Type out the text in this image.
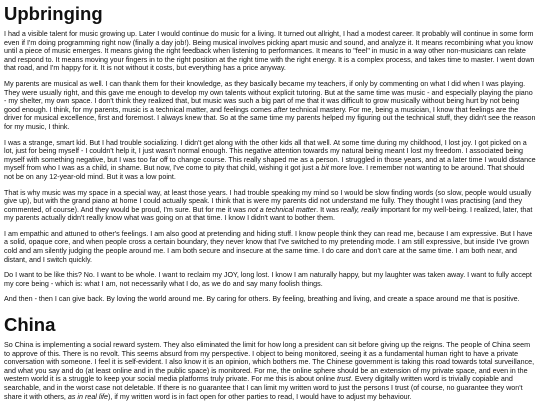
Upbringing

I had a visible talent for music growing up. Later I would continue do music for a living. It turned out allright, I had a modest career. It probably will continue in some form even if I'm doing programming right now (finally a day job!). Being musical involves picking apart music and sound, and analyze it. It means recombining what you know until a piece of music emerges. It means giving the right feedback when listening to performances. It means to "feel" in music in a way other non-musicians can relate and respond to. It means moving your fingers in to the right position at the right time with the right energy. It is a complex process, and takes time to master. I went down that road, and I'm happy for it. It is not without it costs, but everything has a price anyway.

My parents are musical as well. I can thank them for their knowledge, as they basically became my teachers, if only by commenting on what I did when I was playing. They were usually right, and this gave me enough to develop my own talents without explicit tutoring. But at the same time was music - and especially playing the piano - my shelter, my own space. I don't think they realized that, but music was such a big part of me that it was difficult to grow musically without being hurt by not being good enough. I think, for my parents, music is a technical matter, and feelings comes after technical mastery. For me, being a musician, I know that feelings are the driver for musical excellence, first and foremost. I always knew that. So at the same time my parents helped my figuring out the technical stuff, they didn't see the reason for my music, I think.

I was a strange, smart kid. But I had trouble socializing. I didn't get along with the other kids all that well. At some time during my childhood, I lost joy. I got picked on a lot, just for being myself - I couldn't help it, I just wasn't normal enough. This negative attention towards my natural being meant I lost my freedom. I associated being myself with something negative, but I was too far off to change course. This really shaped me as a person. I struggled in those years, and at a later time I would distance myself from who I was as a child, in shame. But now, I've come to pity that child, wishing it got just a bit more love. I remember not wanting to be around. That should not be on any 12-year-old mind. But it was a low point.

That is why music was my space in a special way, at least those years. I had trouble speaking my mind so I would be slow finding words (so slow, people would usually give up), but with the grand piano at home I could actually speak. I think that is were my parents did not understand me fully. They thought I was practising (and they commented, of course). And they would be proud, I'm sure. But for me it was not a technical matter. It was really, really important for my well-being. I realized, later, that my parents actually didn't really know what was going on at that time. I know I didn't want to bother them.

I am empathic and attuned to other's feelings. I am also good at pretending and hiding stuff. I know people think they can read me, because I am expressive. But I have a solid, opaque core, and when people cross a certain boundary, they never know that I've switched to my pretending mode. I am still expressive, but inside I've grown cold and am silently judging the people around me. I am both secure and insecure at the same time. I do care and don't care at the same time. I am both near, and distant, and I switch quickly.

Do I want to be like this? No. I want to be whole. I want to reclaim my JOY, long lost. I know I am naturally happy, but my laughter was taken away. I want to fully accept my core being - which is: what I am, not necessarily what I do, as we do and say many foolish things.

And then - then I can give back. By loving the world around me. By caring for others. By feeling, breathing and living, and create a space around me that is positive.

China

So China is implementing a social reward system. They also eliminated the limit for how long a president can sit before giving up the reigns. The people of China seem to approve of this. There is no revolt. This seems absurd from my perspective. I object to being monitored, seeing it as a fundamental human right to have a private conversation with someone. I feel it is self-evident. I also know it is an opinion, which bothers me. The Chinese government is taking this road towards total surveillance, and what you say and do (at least online and in the public space) is monitored. For me, the online sphere should be an extension of my private space, and even in the western world it is a struggle to keep your social media platforms truly private. For me this is about online trust. Every digitally written word is trivially copiable and searchable, and in the worst case not deletable. If there is no guarantee that I can limit my written word to just the persons I trust (of course, no guarantee they won't share it with others, as in real life), if my written word is in fact open for other parties to read, I would have to adjust my behaviour.
